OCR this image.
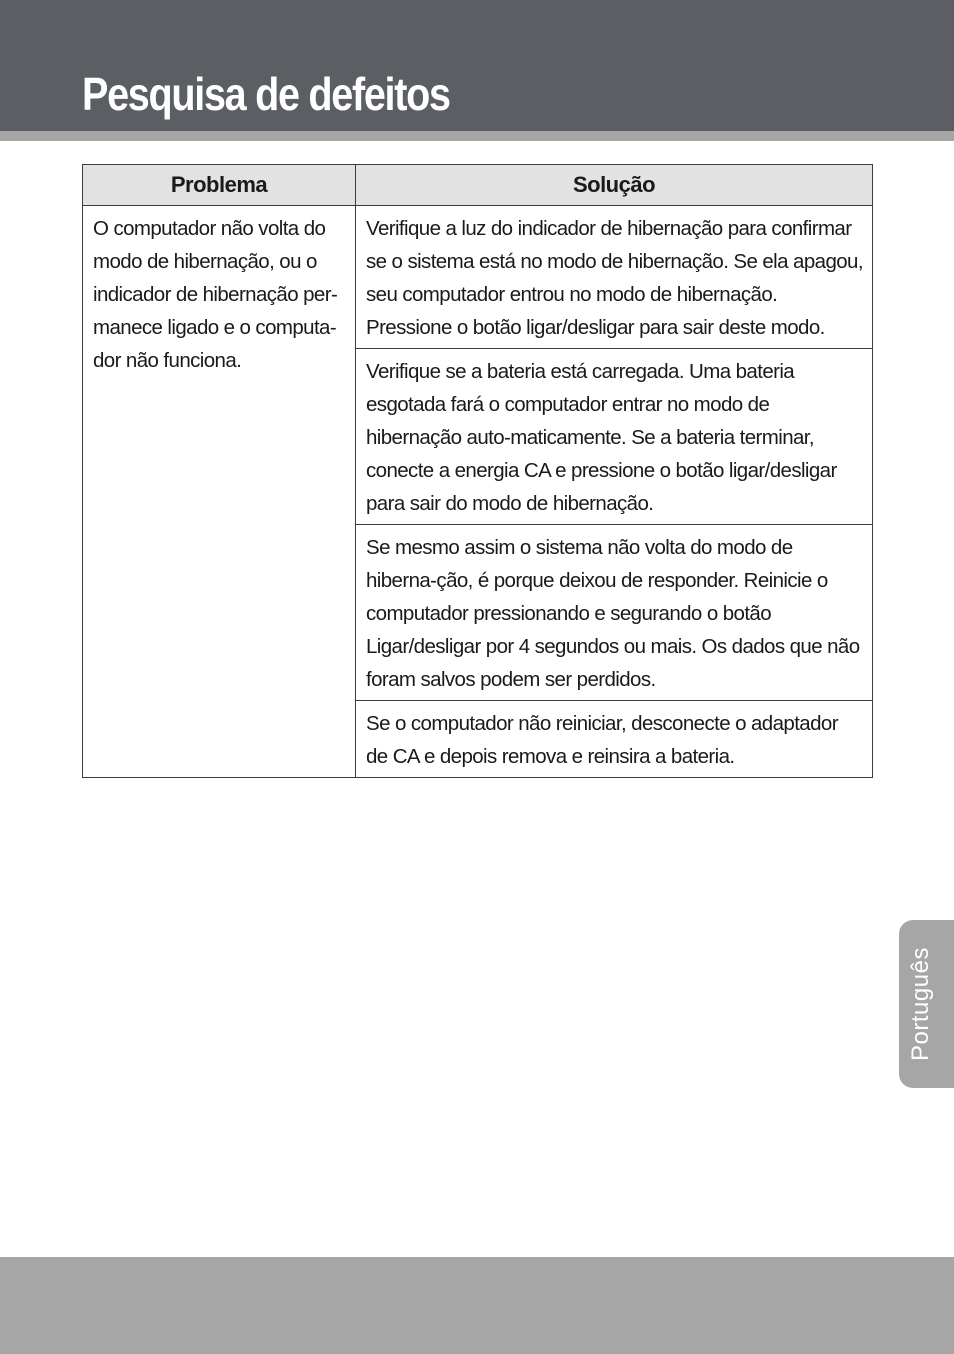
Pesquisa de defeitos
Problema	Solução

O computador não volta do modo de hibernação, ou o indicador de hibernação per-manece ligado e o computa-dor não funciona.	Verifique a luz do indicador de hibernação para confirmar se o sistema está no modo de hibernação. Se ela apagou, seu computador entrou no modo de hibernação. Pressione o botão ligar/desligar para sair deste modo.

	Verifique se a bateria está carregada. Uma bateria esgotada fará o computador entrar no modo de hibernação auto-maticamente. Se a bateria terminar, conecte a energia CA e pressione o botão ligar/desligar para sair do modo de hibernação.

	Se mesmo assim o sistema não volta do modo de hiberna-ção, é porque deixou de responder. Reinicie o computador pressionando e segurando o botão Ligar/desligar por 4 segundos ou mais. Os dados que não foram salvos podem ser perdidos.

	Se o computador não reiniciar, desconecte o adaptador de CA e depois remova e reinsira a bateria.
Português
